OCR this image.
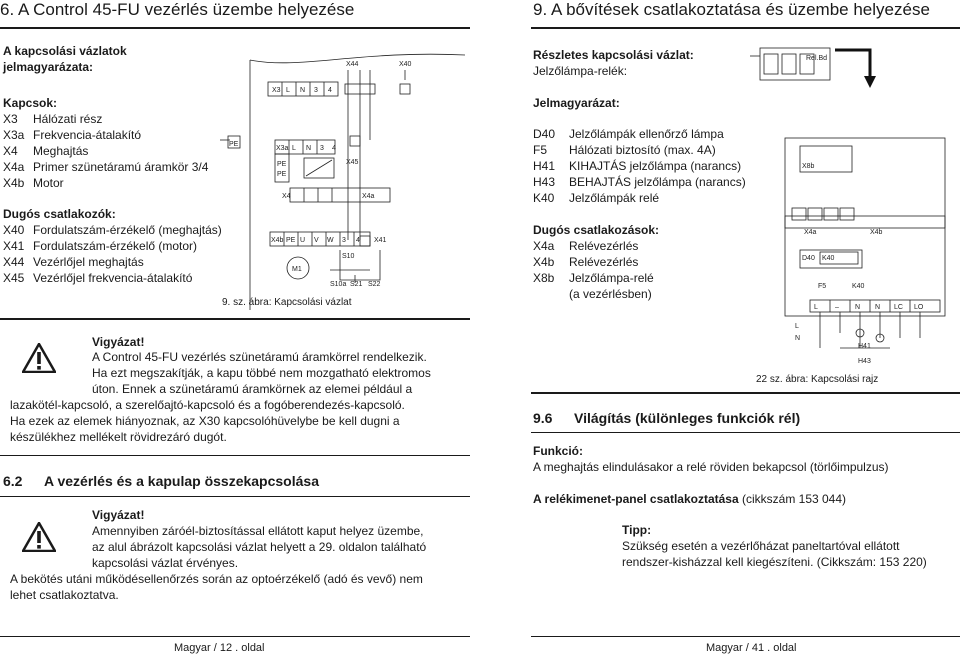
6. A Control 45-FU vezérlés üzembe helyezése
A kapcsolási vázlatok jelmagyarázata:
Kapcsok:
X3 Hálózati rész
X3a Frekvencia-átalakító
X4 Meghajtás
X4a Primer szünetáramú áramkör 3/4
X4b Motor
Dugós csatlakozók:
X40 Fordulatszám-érzékelő (meghajtás)
X41 Fordulatszám-érzékelő (motor)
X44 Vezérlőjel meghajtás
X45 Vezérlőjel frekvencia-átalakító
X44	X40
X3 L N 3 4
PE
X3a L N 3 4
X45
PE
PE
X4	X4a
X4b PE U V W 3 4 X41
S10
M1
S10a S21 S22
9. sz. ábra: Kapcsolási vázlat
Vigyázat!
A Control 45-FU vezérlés szünetáramú áramkörrel rendelkezik.
Ha ezt megszakítják, a kapu többé nem mozgatható elektromos
úton. Ennek a szünetáramú áramkörnek az elemei például a
lazakötél-kapcsoló, a szerelőajtó-kapcsoló és a fogóberendezés-kapcsoló.
Ha ezek az elemek hiányoznak, az X30 kapcsolóhüvelybe be kell dugni a
készülékhez mellékelt rövidrezáró dugót.
6.2 A vezérlés és a kapulap összekapcsolása
Vigyázat!
Amennyiben záróél-biztosítással ellátott kaput helyez üzembe,
az alul ábrázolt kapcsolási vázlat helyett a 29. oldalon található
kapcsolási vázlat érvényes.
A bekötés utáni működésellenőrzés során az optoérzékelő (adó és vevő) nem
lehet csatlakoztatva.
Magyar / 12 . oldal
9. A bővítések csatlakoztatása és üzembe helyezése
Részletes kapcsolási vázlat:
Jelzőlámpa-relék:
Jelmagyarázat:
D40 Jelzőlámpák ellenőrző lámpa
F5 Hálózati biztosító (max. 4A)
H41 KIHAJTÁS jelzőlámpa (narancs)
H43 BEHAJTÁS jelzőlámpa (narancs)
K40 Jelzőlámpák relé
Dugós csatlakozások:
X4a Relévezérlés
X4b Relévezérlés
X8b Jelzőlámpa-relé
(a vezérlésben)
Rel.Bd
X8b
X4a	X4b
D40 K40
F5	K40
L – N N LC LO
L
N
H41
H43
22 sz. ábra: Kapcsolási rajz
9.6 Világítás (különleges funkciók rél)
Funkció:
A meghajtás elindulásakor a relé röviden bekapcsol (törlőimpulzus)
A relékimenet-panel csatlakoztatása (cikkszám 153 044)
Tipp:
Szükség esetén a vezérlőházat paneltartóval ellátott
rendszer-kisházzal kell kiegészíteni. (Cikkszám: 153 220)
Magyar / 41 . oldal
